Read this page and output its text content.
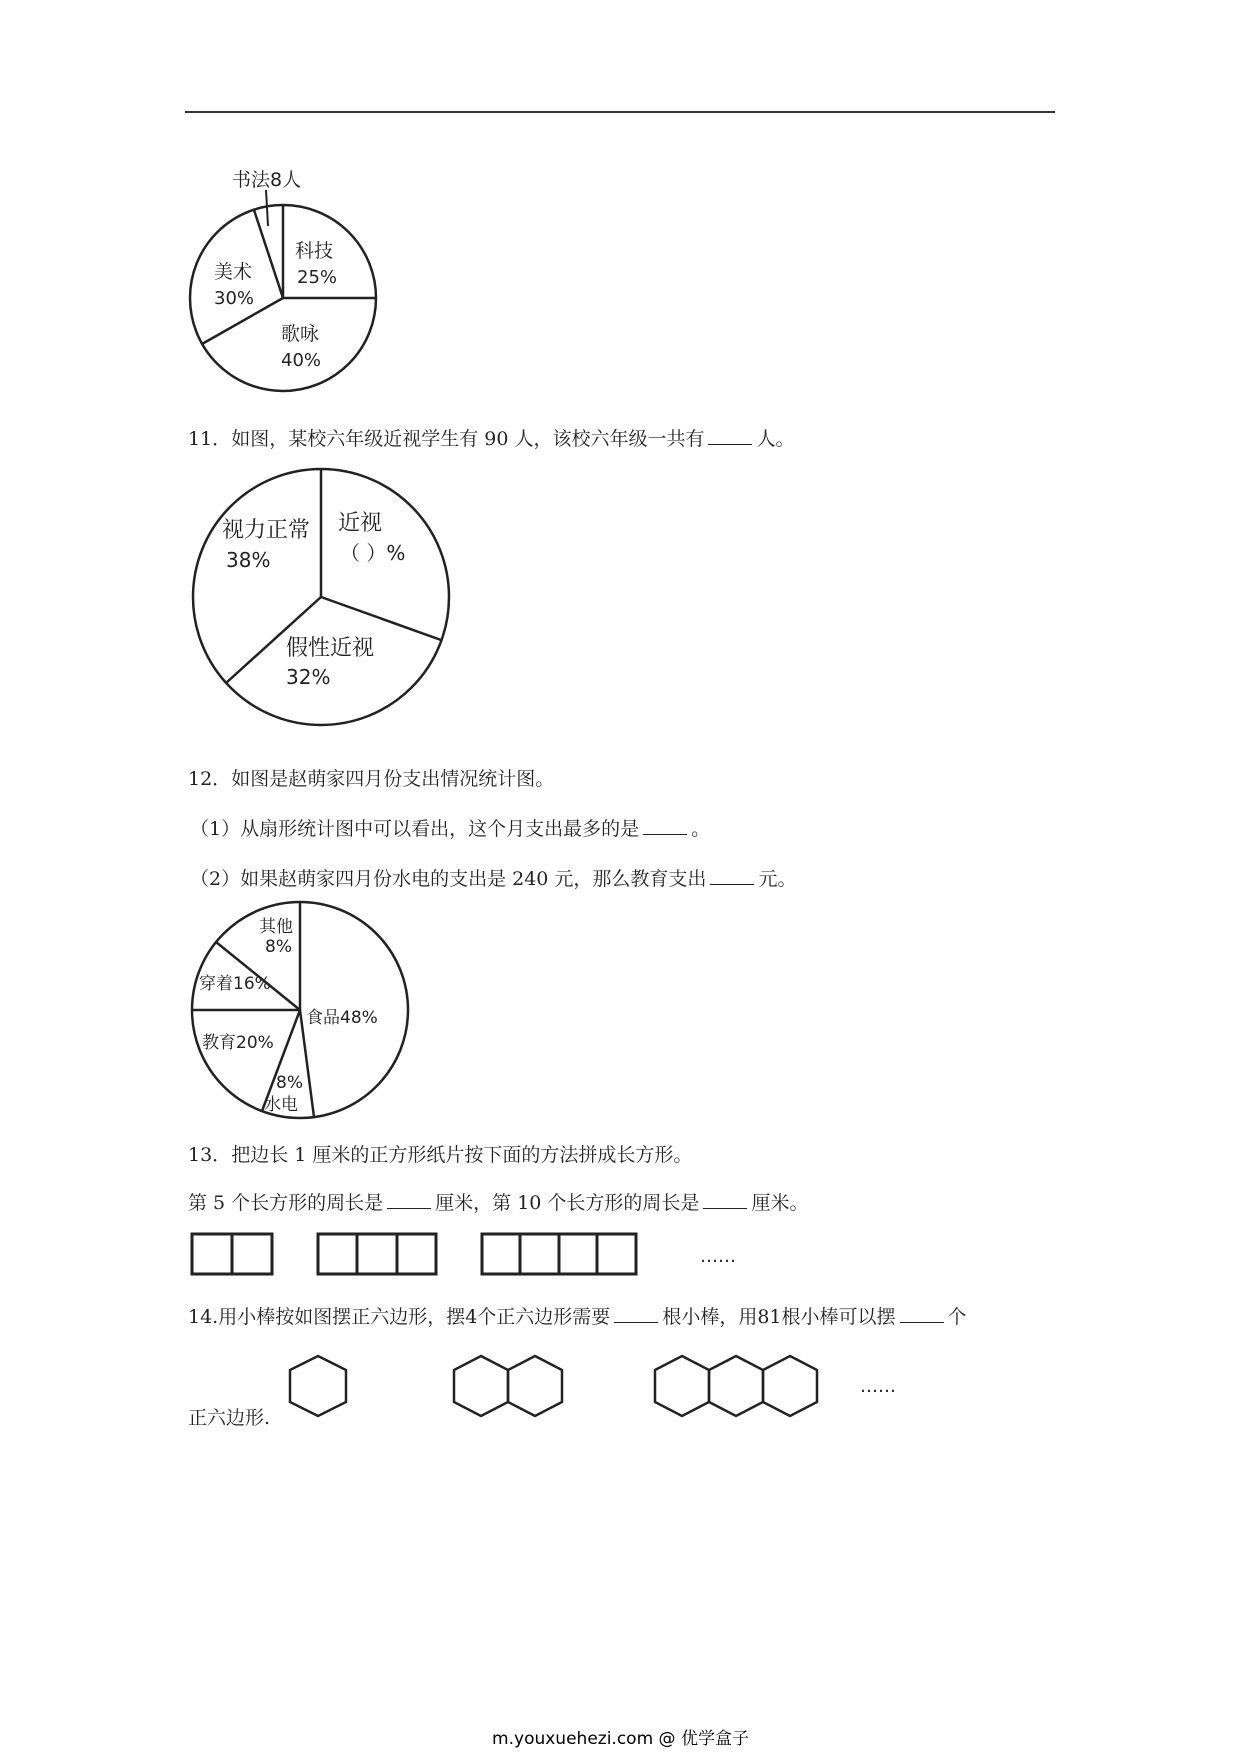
书法8人
科技
25%
歌咏
40%
美术
30%
11．如图，某校六年级近视学生有 90 人，该校六年级一共有	人。
近视
（ ）%
假性近视
32%
视力正常
38%
12．如图是赵萌家四月份支出情况统计图。
（1）从扇形统计图中可以看出，这个月支出最多的是	。
（2）如果赵萌家四月份水电的支出是 240 元，那么教育支出	元。
食品 48%
8%
水电
教育 20%
穿着 16%
其他
8%
13．把边长 1 厘米的正方形纸片按下面的方法拼成长方形。
第 5 个长方形的周长是	厘米，第 10 个长方形的周长是	厘米。
……
14.用小棒按如图摆正六边形，摆4个正六边形需要	根小棒，用81根小棒可以摆	个
正六边形.
……
m.youxuehezi.com @ 优学盒子
